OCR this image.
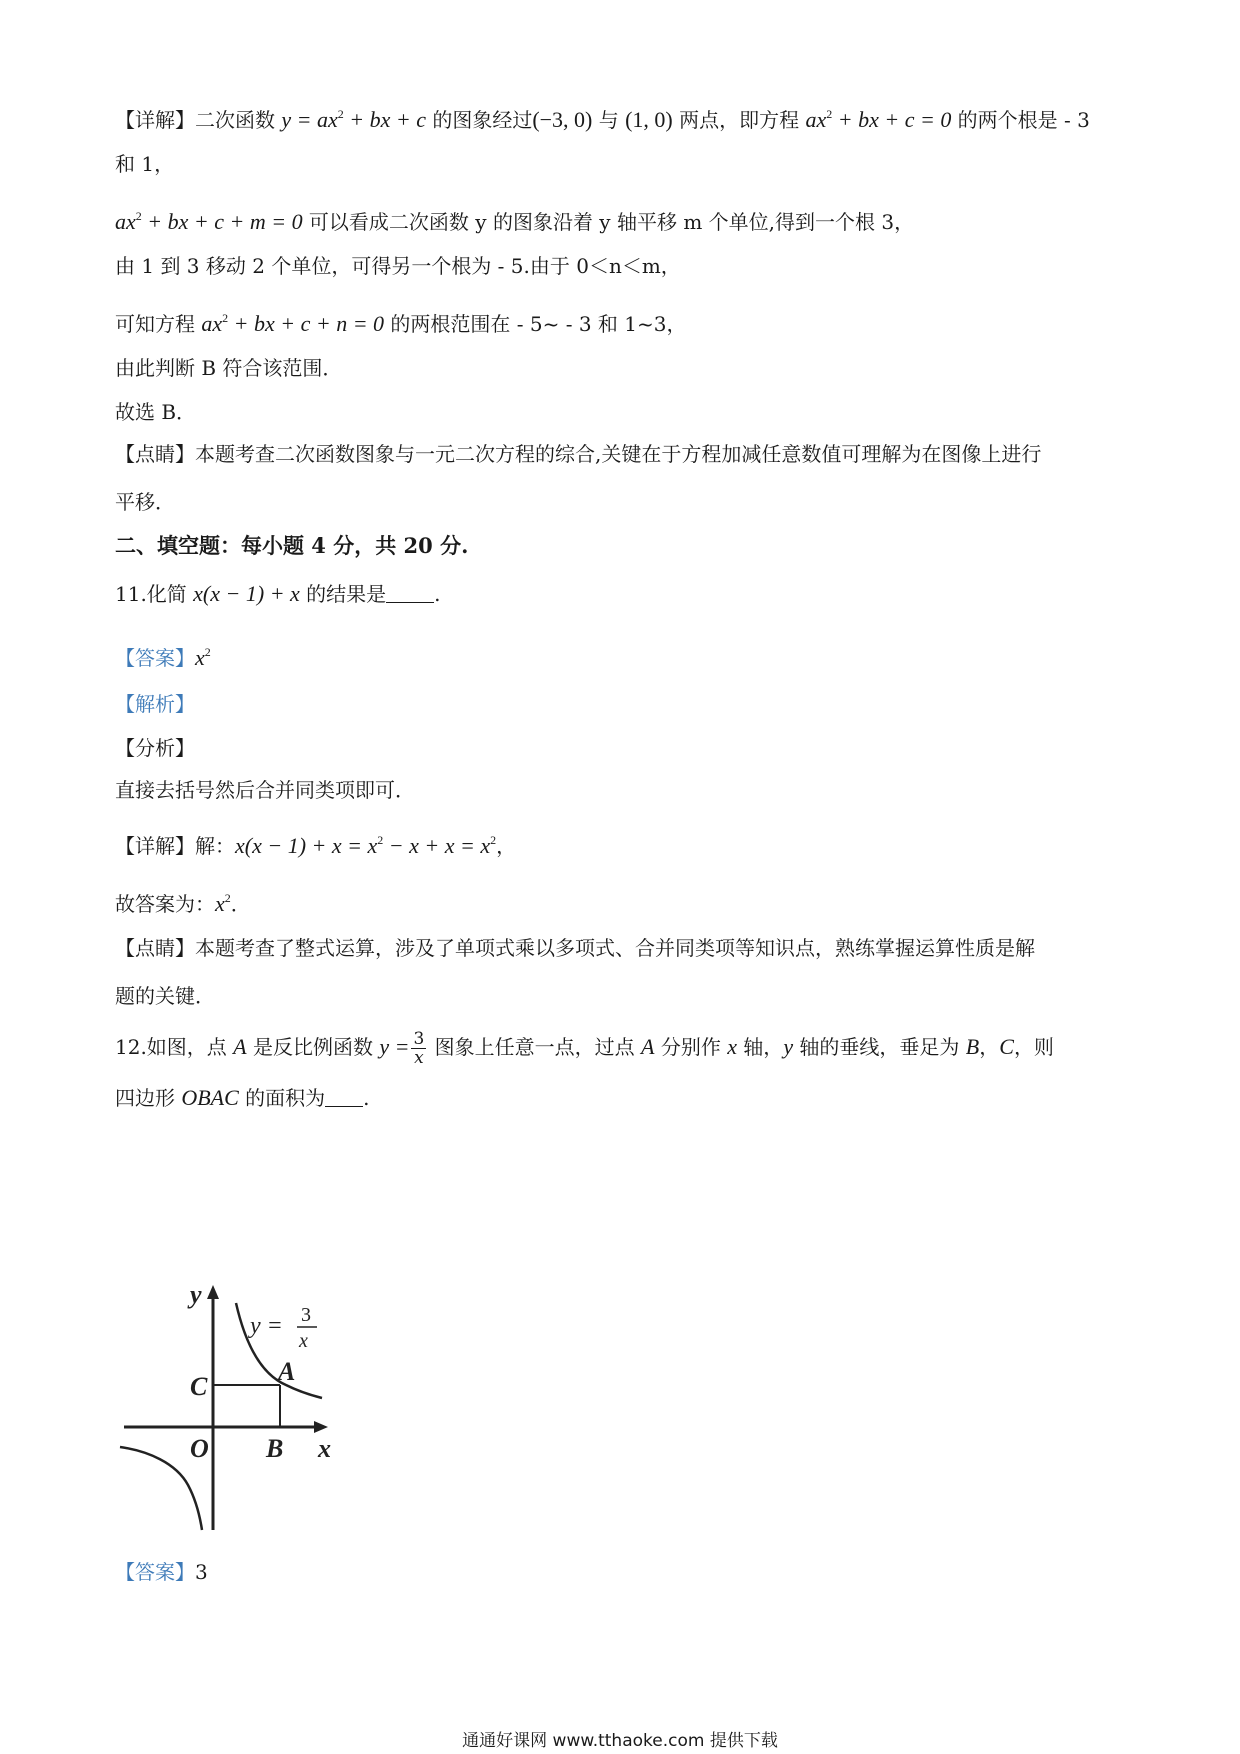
【详解】二次函数 $y = ax^2$ + bx + c 的图象经过(−3, 0) 与 (1, 0) 两点，即方程 $ax^2$ + bx + c = 0 的两个根是 - 3
和 1，
$ax^2$ + bx + c + m = 0 可以看成二次函数 y 的图象沿着 y 轴平移 m 个单位,得到一个根 3，
由 1 到 3 移动 2 个单位，可得另一个根为 - 5.由于 0＜n＜m，
可知方程 $ax^2$ + bx + c + n = 0 的两根范围在 - 5~ - 3 和 1~3，
由此判断 B 符合该范围．
故选 B．
【点睛】本题考查二次函数图象与一元二次方程的综合,关键在于方程加减任意数值可理解为在图像上进行
平移．
二、填空题：每小题 4 分，共 20 分.
11.化简 x(x − 1) + x 的结果是 .
【答案】$x^2$
【解析】
【分析】
直接去括号然后合并同类项即可．
【详解】解：$x(x - 1) + x = x^2 - x + x = x^2$，
故答案为：$x^2$．
【点睛】本题考查了整式运算，涉及了单项式乘以多项式、合并同类项等知识点，熟练掌握运算性质是解
题的关键．
12.如图，点 A 是反比例函数 $y = \frac{3}{x}$ 图象上任意一点，过点 A 分别作 x 轴，y 轴的垂线，垂足为 B，C，则
四边形 OBAC 的面积为 .
y
x
O
C
A
B
y = 3
x
【答案】3
通通好课网 www.tthaoke.com 提供下载
